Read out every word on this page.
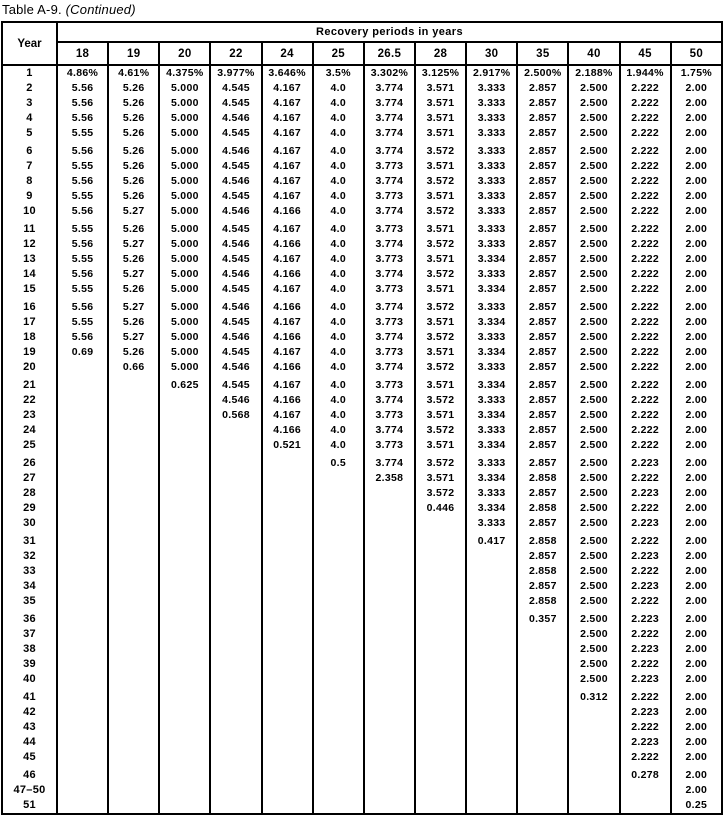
Table A-9. (Continued)
Year	Recovery periods in years												
	18	19	20	22	24	25	26.5	28	30	35	40	45	50
1	4.86%	4.61%	4.375%	3.977%	3.646%	3.5%	3.302%	3.125%	2.917%	2.500%	2.188%	1.944%	1.75%
2	5.56	5.26	5.000	4.545	4.167	4.0	3.774	3.571	3.333	2.857	2.500	2.222	2.00
3	5.56	5.26	5.000	4.545	4.167	4.0	3.774	3.571	3.333	2.857	2.500	2.222	2.00
4	5.56	5.26	5.000	4.546	4.167	4.0	3.774	3.571	3.333	2.857	2.500	2.222	2.00
5	5.55	5.26	5.000	4.545	4.167	4.0	3.774	3.571	3.333	2.857	2.500	2.222	2.00

6	5.56	5.26	5.000	4.546	4.167	4.0	3.774	3.572	3.333	2.857	2.500	2.222	2.00
7	5.55	5.26	5.000	4.545	4.167	4.0	3.773	3.571	3.333	2.857	2.500	2.222	2.00
8	5.56	5.26	5.000	4.546	4.167	4.0	3.774	3.572	3.333	2.857	2.500	2.222	2.00
9	5.55	5.26	5.000	4.545	4.167	4.0	3.773	3.571	3.333	2.857	2.500	2.222	2.00
10	5.56	5.27	5.000	4.546	4.166	4.0	3.774	3.572	3.333	2.857	2.500	2.222	2.00

11	5.55	5.26	5.000	4.545	4.167	4.0	3.773	3.571	3.333	2.857	2.500	2.222	2.00
12	5.56	5.27	5.000	4.546	4.166	4.0	3.774	3.572	3.333	2.857	2.500	2.222	2.00
13	5.55	5.26	5.000	4.545	4.167	4.0	3.773	3.571	3.334	2.857	2.500	2.222	2.00
14	5.56	5.27	5.000	4.546	4.166	4.0	3.774	3.572	3.333	2.857	2.500	2.222	2.00
15	5.55	5.26	5.000	4.545	4.167	4.0	3.773	3.571	3.334	2.857	2.500	2.222	2.00

16	5.56	5.27	5.000	4.546	4.166	4.0	3.774	3.572	3.333	2.857	2.500	2.222	2.00
17	5.55	5.26	5.000	4.545	4.167	4.0	3.773	3.571	3.334	2.857	2.500	2.222	2.00
18	5.56	5.27	5.000	4.546	4.166	4.0	3.774	3.572	3.333	2.857	2.500	2.222	2.00
19	0.69	5.26	5.000	4.545	4.167	4.0	3.773	3.571	3.334	2.857	2.500	2.222	2.00
20		0.66	5.000	4.546	4.166	4.0	3.774	3.572	3.333	2.857	2.500	2.222	2.00

21			0.625	4.545	4.167	4.0	3.773	3.571	3.334	2.857	2.500	2.222	2.00
22				4.546	4.166	4.0	3.774	3.572	3.333	2.857	2.500	2.222	2.00
23				0.568	4.167	4.0	3.773	3.571	3.334	2.857	2.500	2.222	2.00
24					4.166	4.0	3.774	3.572	3.333	2.857	2.500	2.222	2.00
25					0.521	4.0	3.773	3.571	3.334	2.857	2.500	2.222	2.00

26						0.5	3.774	3.572	3.333	2.857	2.500	2.223	2.00
27							2.358	3.571	3.334	2.858	2.500	2.222	2.00
28								3.572	3.333	2.857	2.500	2.223	2.00
29								0.446	3.334	2.858	2.500	2.222	2.00
30									3.333	2.857	2.500	2.223	2.00

31									0.417	2.858	2.500	2.222	2.00
32										2.857	2.500	2.223	2.00
33										2.858	2.500	2.222	2.00
34										2.857	2.500	2.223	2.00
35										2.858	2.500	2.222	2.00

36										0.357	2.500	2.223	2.00
37											2.500	2.222	2.00
38											2.500	2.223	2.00
39											2.500	2.222	2.00
40											2.500	2.223	2.00

41											0.312	2.222	2.00
42												2.223	2.00
43												2.222	2.00
44												2.223	2.00
45												2.222	2.00

46												0.278	2.00
47–50													2.00
51													0.25
